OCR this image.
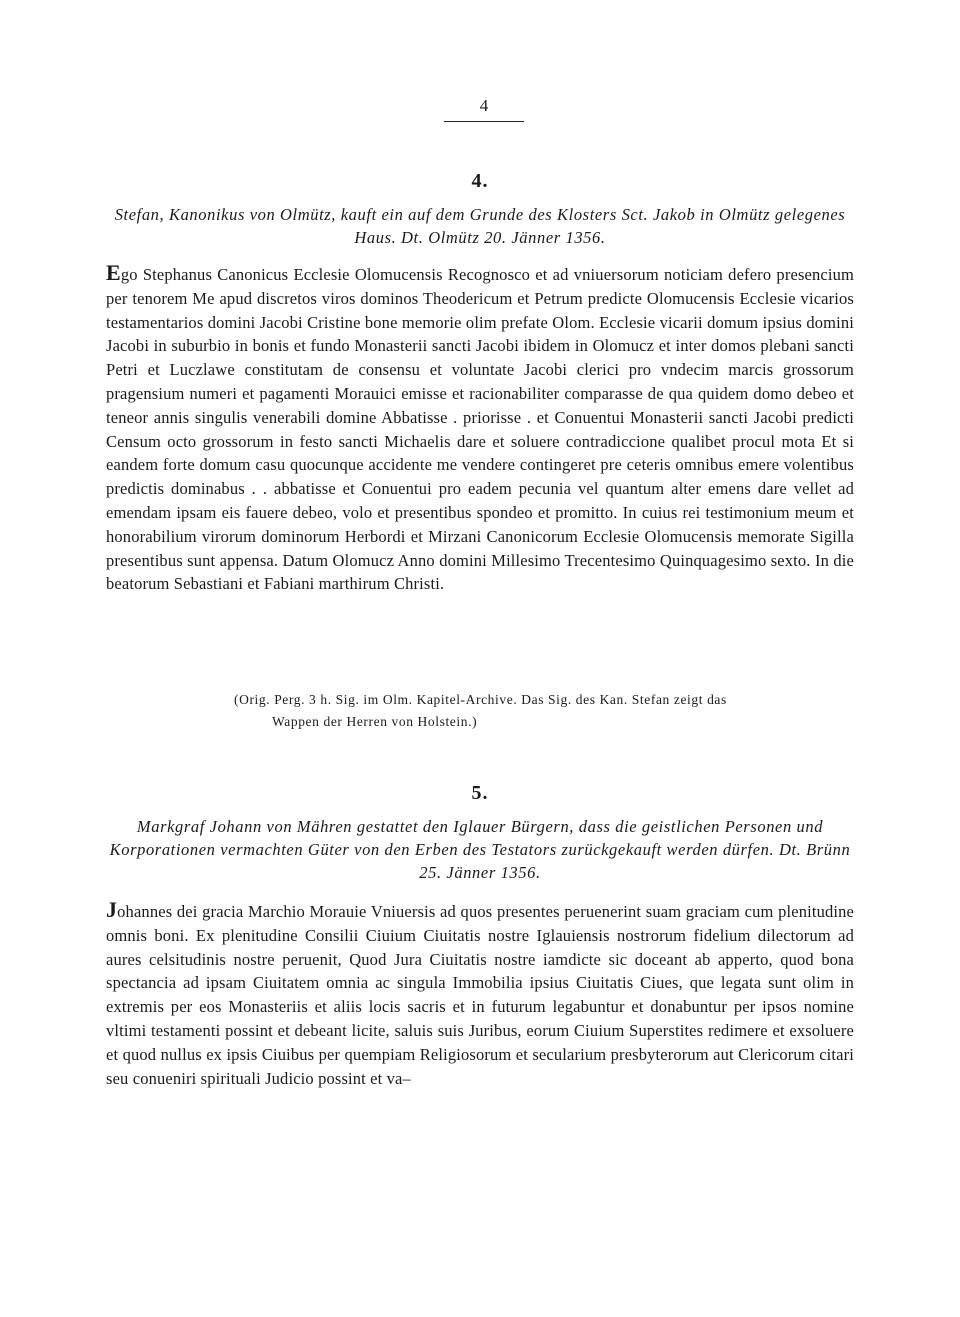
4
4.
Stefan, Kanonikus von Olmütz, kauft ein auf dem Grunde des Klosters Sct. Jakob in Olmütz gelegenes Haus. Dt. Olmütz 20. Jänner 1356.
Ego Stephanus Canonicus Ecclesie Olomucensis Recognosco et ad vniuersorum noticiam defero presencium per tenorem Me apud discretos viros dominos Theodericum et Petrum predicte Olomucensis Ecclesie vicarios testamentarios domini Jacobi Cristine bone memorie olim prefate Olom. Ecclesie vicarii domum ipsius domini Jacobi in suburbio in bonis et fundo Monasterii sancti Jacobi ibidem in Olomucz et inter domos plebani sancti Petri et Luczlawe constitutam de consensu et voluntate Jacobi clerici pro vndecim marcis grossorum pragensium numeri et pagamenti Morauici emisse et racionabiliter comparasse de qua quidem domo debeo et teneor annis singulis venerabili domine Abbatisse . priorisse . et Conuentui Monasterii sancti Jacobi predicti Censum octo grossorum in festo sancti Michaelis dare et soluere contradiccione qualibet procul mota Et si eandem forte domum casu quocunque accidente me vendere contingeret pre ceteris omnibus emere volentibus predictis dominabus . . abbatisse et Conuentui pro eadem pecunia vel quantum alter emens dare vellet ad emendam ipsam eis fauere debeo, volo et presentibus spondeo et promitto. In cuius rei testimonium meum et honorabilium virorum dominorum Herbordi et Mirzani Canonicorum Ecclesie Olomucensis memorate Sigilla presentibus sunt appensa. Datum Olomucz Anno domini Millesimo Trecentesimo Quinquagesimo sexto. In die beatorum Sebastiani et Fabiani marthirum Christi.
(Orig. Perg. 3 h. Sig. im Olm. Kapitel-Archive. Das Sig. des Kan. Stefan zeigt das
Wappen der Herren von Holstein.)
5.
Markgraf Johann von Mähren gestattet den Iglauer Bürgern, dass die geistlichen Personen und Korporationen vermachten Güter von den Erben des Testators zurückgekauft werden dürfen. Dt. Brünn 25. Jänner 1356.
Johannes dei gracia Marchio Morauie Vniuersis ad quos presentes peruenerint suam graciam cum plenitudine omnis boni. Ex plenitudine Consilii Ciuium Ciuitatis nostre Iglauiensis nostrorum fidelium dilectorum ad aures celsitudinis nostre peruenit, Quod Jura Ciuitatis nostre iamdicte sic doceant ab apperto, quod bona spectancia ad ipsam Ciuitatem omnia ac singula Immobilia ipsius Ciuitatis Ciues, que legata sunt olim in extremis per eos Monasteriis et aliis locis sacris et in futurum legabuntur et donabuntur per ipsos nomine vltimi testamenti possint et debeant licite, saluis suis Juribus, eorum Ciuium Superstites redimere et exsoluere et quod nullus ex ipsis Ciuibus per quempiam Religiosorum et secularium presbyterorum aut Clericorum citari seu conueniri spirituali Judicio possint et va–
